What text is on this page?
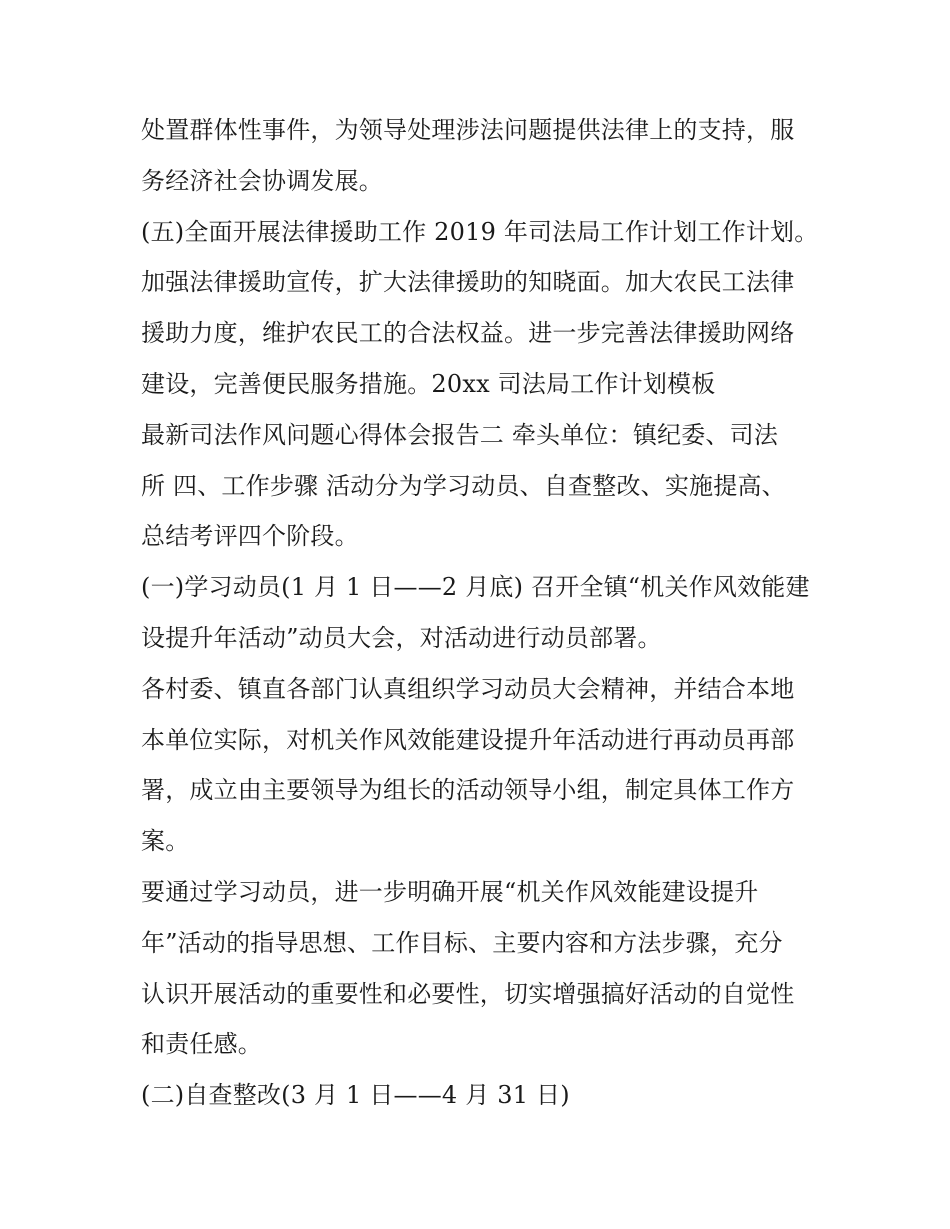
处置群体性事件，为领导处理涉法问题提供法律上的支持，服
务经济社会协调发展。
(五)全面开展法律援助工作 2019 年司法局工作计划工作计划。
加强法律援助宣传，扩大法律援助的知晓面。加大农民工法律
援助力度，维护农民工的合法权益。进一步完善法律援助网络
建设，完善便民服务措施。20xx 司法局工作计划模板
最新司法作风问题心得体会报告二 牵头单位：镇纪委、司法
所 四、工作步骤 活动分为学习动员、自查整改、实施提高、
总结考评四个阶段。
(一)学习动员(1 月 1 日——2 月底) 召开全镇“机关作风效能建
设提升年活动”动员大会，对活动进行动员部署。
各村委、镇直各部门认真组织学习动员大会精神，并结合本地
本单位实际，对机关作风效能建设提升年活动进行再动员再部
署，成立由主要领导为组长的活动领导小组，制定具体工作方
案。
要通过学习动员，进一步明确开展“机关作风效能建设提升
年”活动的指导思想、工作目标、主要内容和方法步骤，充分
认识开展活动的重要性和必要性，切实增强搞好活动的自觉性
和责任感。
(二)自查整改(3 月 1 日——4 月 31 日)
